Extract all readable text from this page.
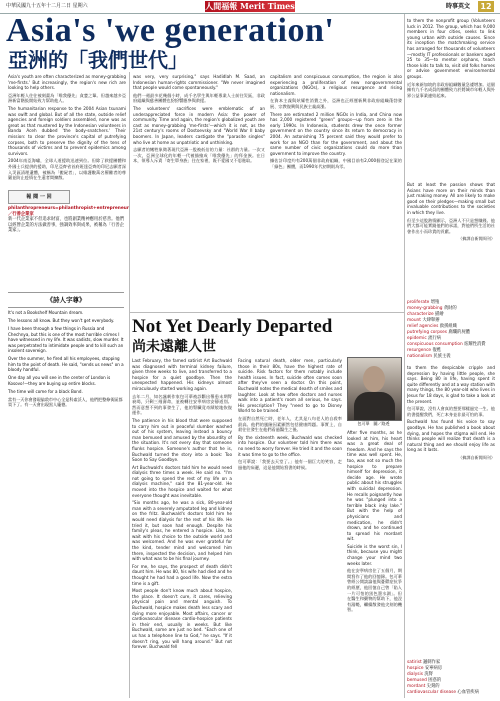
中華民國九十五年十二月二日 星期六	人間福報 Merit Times	時事英文	12
Asia's 'we generation'
亞洲的「我們世代」

Asia's youth are often characterized as money-grabbing 'me-firsts.' But increasingly, the region's new rich are looking to help others.

亞洲年輕人往往被刻畫為「唯我優先」貪婪之輩。但越來越多亞洲新富階級開始致力幫助他人。

The humanitarian response to the 2004 Asian tsunami was swift and global. But of all the state, outside relief agencies and foreign soldiers assembled, none was as great as that mustered by the Indonesian volunteers in Banda Aceh dubbed 'the body-snatchers.' Their mission: to clear the province's capital of putrefying corpses, both to preserve the dignity of the tens of thousands of victims and to prevent epidemics among survivors.

2004年南亞海嘯，全球人道援助迅速到位。但除了救援團體和外國士兵提供的援助，印尼亞齊省首府班達亞齊的印尼志願者深入災區清理遺體，被稱為「搬屍者」，以維護數萬名罹難者的尊嚴並防止疫情在生還者間擴散。

was very, very surprising," says Hadidlah M. Saad, an Indonesian human-rights commissioner. "We never imagined that people would come spontaneously."

他們一週最多花幾個小時，成千名學生與年輕專業人士前往災區，非政府組織與慈善團體也紛紛響應參與救援。

The volunteers' sacrifices were emblematic of an underappreciated force in modern Asia: the power of community. Time and again, the region's globalized youth are cast as money-grabbing 'me-firsts'—which it is not, as the 21st century's rooms of Dostoevsky and "World War II baby boomers. In Japan, leaders castigate the "parasite singles" who live at home as unpatriotic and unthinking.

志願者的犧牲象徵著現代亞洲一股被低估的力量：社群的力量。一次又一次，亞洲全球化的年輕一代被描繪成「唯我優先」的拜金族。在日本，領導人斥責「寄生單身族」住在家裡，既不愛國又不思進取。

capitalism and conspicuous consumption, the region is also experiencing a proliferation of new nongovernmental organizations (NGOs), a religious resurgence and rising nationalism.

在資本主義與炫耀性消費之外，亞洲也正經歷新興非政府組織蓬勃發展、宗教復興與民族主義高漲。

There are estimated 2 million NGOs in India, and China now has 2,000 registered "green" groups—up from zero in the early 1990s. In Indonesia, students drew the once former government on the country since its return to democracy in 2004. An astonishing 75 percent said they would prefer to work for an NGO than for the government, and about the same number of civic organizations could do more than government to improve the country.

據估計印度約有200萬個非政府組織，中國目前有2,000個登記在案的「綠色」團體，而1990年代初期則為零。

報 閱 一 回
philanthropreneurs=philanthropist+entrepreneur／行善企業家
新一代企業家不但追求財富，也將創業精神應用於慈善。他們以經營企業的方法做善事，強調效率與成果，被稱為「行善企業家」。
《詩人字尊》

It's not a Bookshelf Mountain dream.

The lessons all know. But they won't get everybody.

I have been through a few things in Russia and Chechnya, but this is one of the most horrible crimes I have witnessed in my life. It was sadists, slow murder. It was perpetrated to intimidate people and to kill such an insolent sovereign.

Over the summer, he fired all his employees, stopping him to the point of death. He said, "sends us news" on a bloody handful.

One day all you will see in the center of London is Kosovo!—they are buying up entire blocks.

The time will come for a black Bond.

當有一天你會發現倫敦市中心全是科索沃人，他們把整條街區都買下了。有一天會出現黑人龐德。

Not Yet Dearly Departed
尚未遠離人世

Last February, the famed satirist Art Buchwald was diagnosed with terminal kidney failure, given three weeks to live, and transferred to a hospice for a quiet goodbye. Then the unexpected happened. His kidneys almost miraculously started working again.

去年二月，知名諷刺作家包可華被診斷出罹患末期腎衰竭，只剩三週壽命，並被轉往安寧病房安靜道別。然而意想不到的事發生了，他的腎臟竟奇蹟般地恢復運作。

The patience in his blood that were supposed to carry him out in peaceful slumber washed out of his system, leaving instead a bouncy man bemused and amused by the absurdity of the situation. It's not every day that someone flunks hospice. Someone's author that he is, Buchwald turned the story into a book: Too Soon to Say Goodbye.

Art Buchwald's doctors told him he would need dialysis three times a week. He said no. "I'm not going to spend the rest of my life on a dialysis machine," said the 81-year-old. He moved into the hospice and waited for what everyone thought was inevitable.

"Six months ago, he was a sick, 80-year-old man with a severely amputated leg and kidney on the fritz. Buchwald's doctors told him he would need dialysis for the rest of his life. He tried it, but soon had enough. Despite his family's pleas, he entered a hospice. Like, to wait with his choice to the outside world and was welcomed. And he was ever grateful for the kind, tender mind and welcomed him there, inspected the decision, and helped him with what was to be his final journey.

For me, he says, the prospect of death didn't daunt him. He was 80, his wife had died and he thought he had had a good life. Now the extra time is a gift.

Most people don't know much about hospice, the place. It doesn't cure, it cares, relieving physical pain and mental anguish. To Buchwald, hospice makes death less scary and dying more enjoyable. Most affairs, cancer or cardiovascular disease cardio-hospice patients in their end, usually in weeks. But like Buchwald, some are just no bed. "Each one of us has a telephone line to God," he says. "If it doesn't ring, you will hang around." But not forever. Buchwald fell

Facing natural death, older men, particularly those in their 80s, have the highest rate of suicide. Risk factors for them notably include health issues. In fact, suicide often comes soon after they've seen a doctor. On this point, Buchwald notes the medical dearth of smiles and laughter. Look at how often doctors and nurses walk into a patient's room all serious, he says. His prescription? They "need to go to Disney World to be trained."

在面對自然死亡時，老年人，尤其是八旬老人的自殺率最高。他們的風險因素顯然包括健康問題。事實上，自殺往往發生在他們看過醫生之後。

By the sixteenth week, Buchwald was checked into hospice. Our volunteer told him there was no need to worry forever. He tried it and the soon it was time to go to the office.

包可華說：「我要去天堂了。」他有一個巨大的笑容，走過他的床邊，這是他開始寫書的時候。

包可華　圖／路透

After five months, as he looked at him, his heart was a great deal of freedom. And he says the time was well spent. He, too, was not so much the hospice to prepare himself for depression, it decide age. He wrote public about his struggles with suicidal depression. He recalls poignantly how he was "plunged into a terrible black inky lake." But with the help of physicians and medication, he didn't drown, and he continued to spread his mordant wit.

Suicide is the worst sin, I think, because you might change your mind two weeks later.

他在安寧病房住了五個月，期間寫作了他的回憶錄。包可華曾經公開談論他與憂鬱症抗爭的經歷，他回憶自己曾「陷入一片可怕的黑色墨水湖」。但在醫生和藥物的幫助下，他沒有溺斃，繼續散發他尖刻的機智。

to them the nonprofit group (Volunteers luck in 2012. The group, which has 9,000 members in four cities, seeks to link young urban with outside causes. Since its inception the matchmaking service has arranged for thousands of volunteers—mostly IT professionals or bankers aged 25 to 35—to mentor orphans, teach those kids to talk to, visit old folks homes or advise government environmental groups.

近年來新加坡的非政府組織數量急遽增加。這個擁有九千名成員的團體致力於將城市年輕人與外界公益事業連結起來。

But at least the passion shows that Asians have more on their minds than just making money. All are likely to make good on their pledges—making small but invaluable contributions to the societies in which they live.

但至少這股熱情顯示，亞洲人不只是想賺錢。他們大都可能實踐他們的承諾，對他們所生活的社會作出小而珍貴的貢獻。

（摘譯自新聞周刊）

proliferate 增殖
money-grabbing 貪財的
characterize 描繪
mount 大肆舉辦
relief agencies 救援組織
putrefying corpses 腐爛的屍體
epidemic 流行病
conspicuous consumption 炫耀性消費
resurgence 復甦
nationalism 民族主義

to them the despicable cripple and depression by having little people, she says. Being 80 in life, having spent it quite differently and at a way station with many things, the 80 year-old who lives in Jesus for 18 days, is glad to take a look at the present.

包可華說，沒有人會真的想要那樣過完一生。他的書提醒我們，死亡本身並非最可怕的事。

Buchwald has found his voice to say goodbye. He has published a book about dying, and hopes the stigma will end. He thinks people will realize that death is a natural thing and we should enjoy life as long as it lasts.

（摘譯自新聞周刊）

satirist 諷刺作家
hospice 安寧病房
dialysis 洗腎
bemused 困惑的
mordant 尖刻的
cardiovascular disease 心血管疾病
